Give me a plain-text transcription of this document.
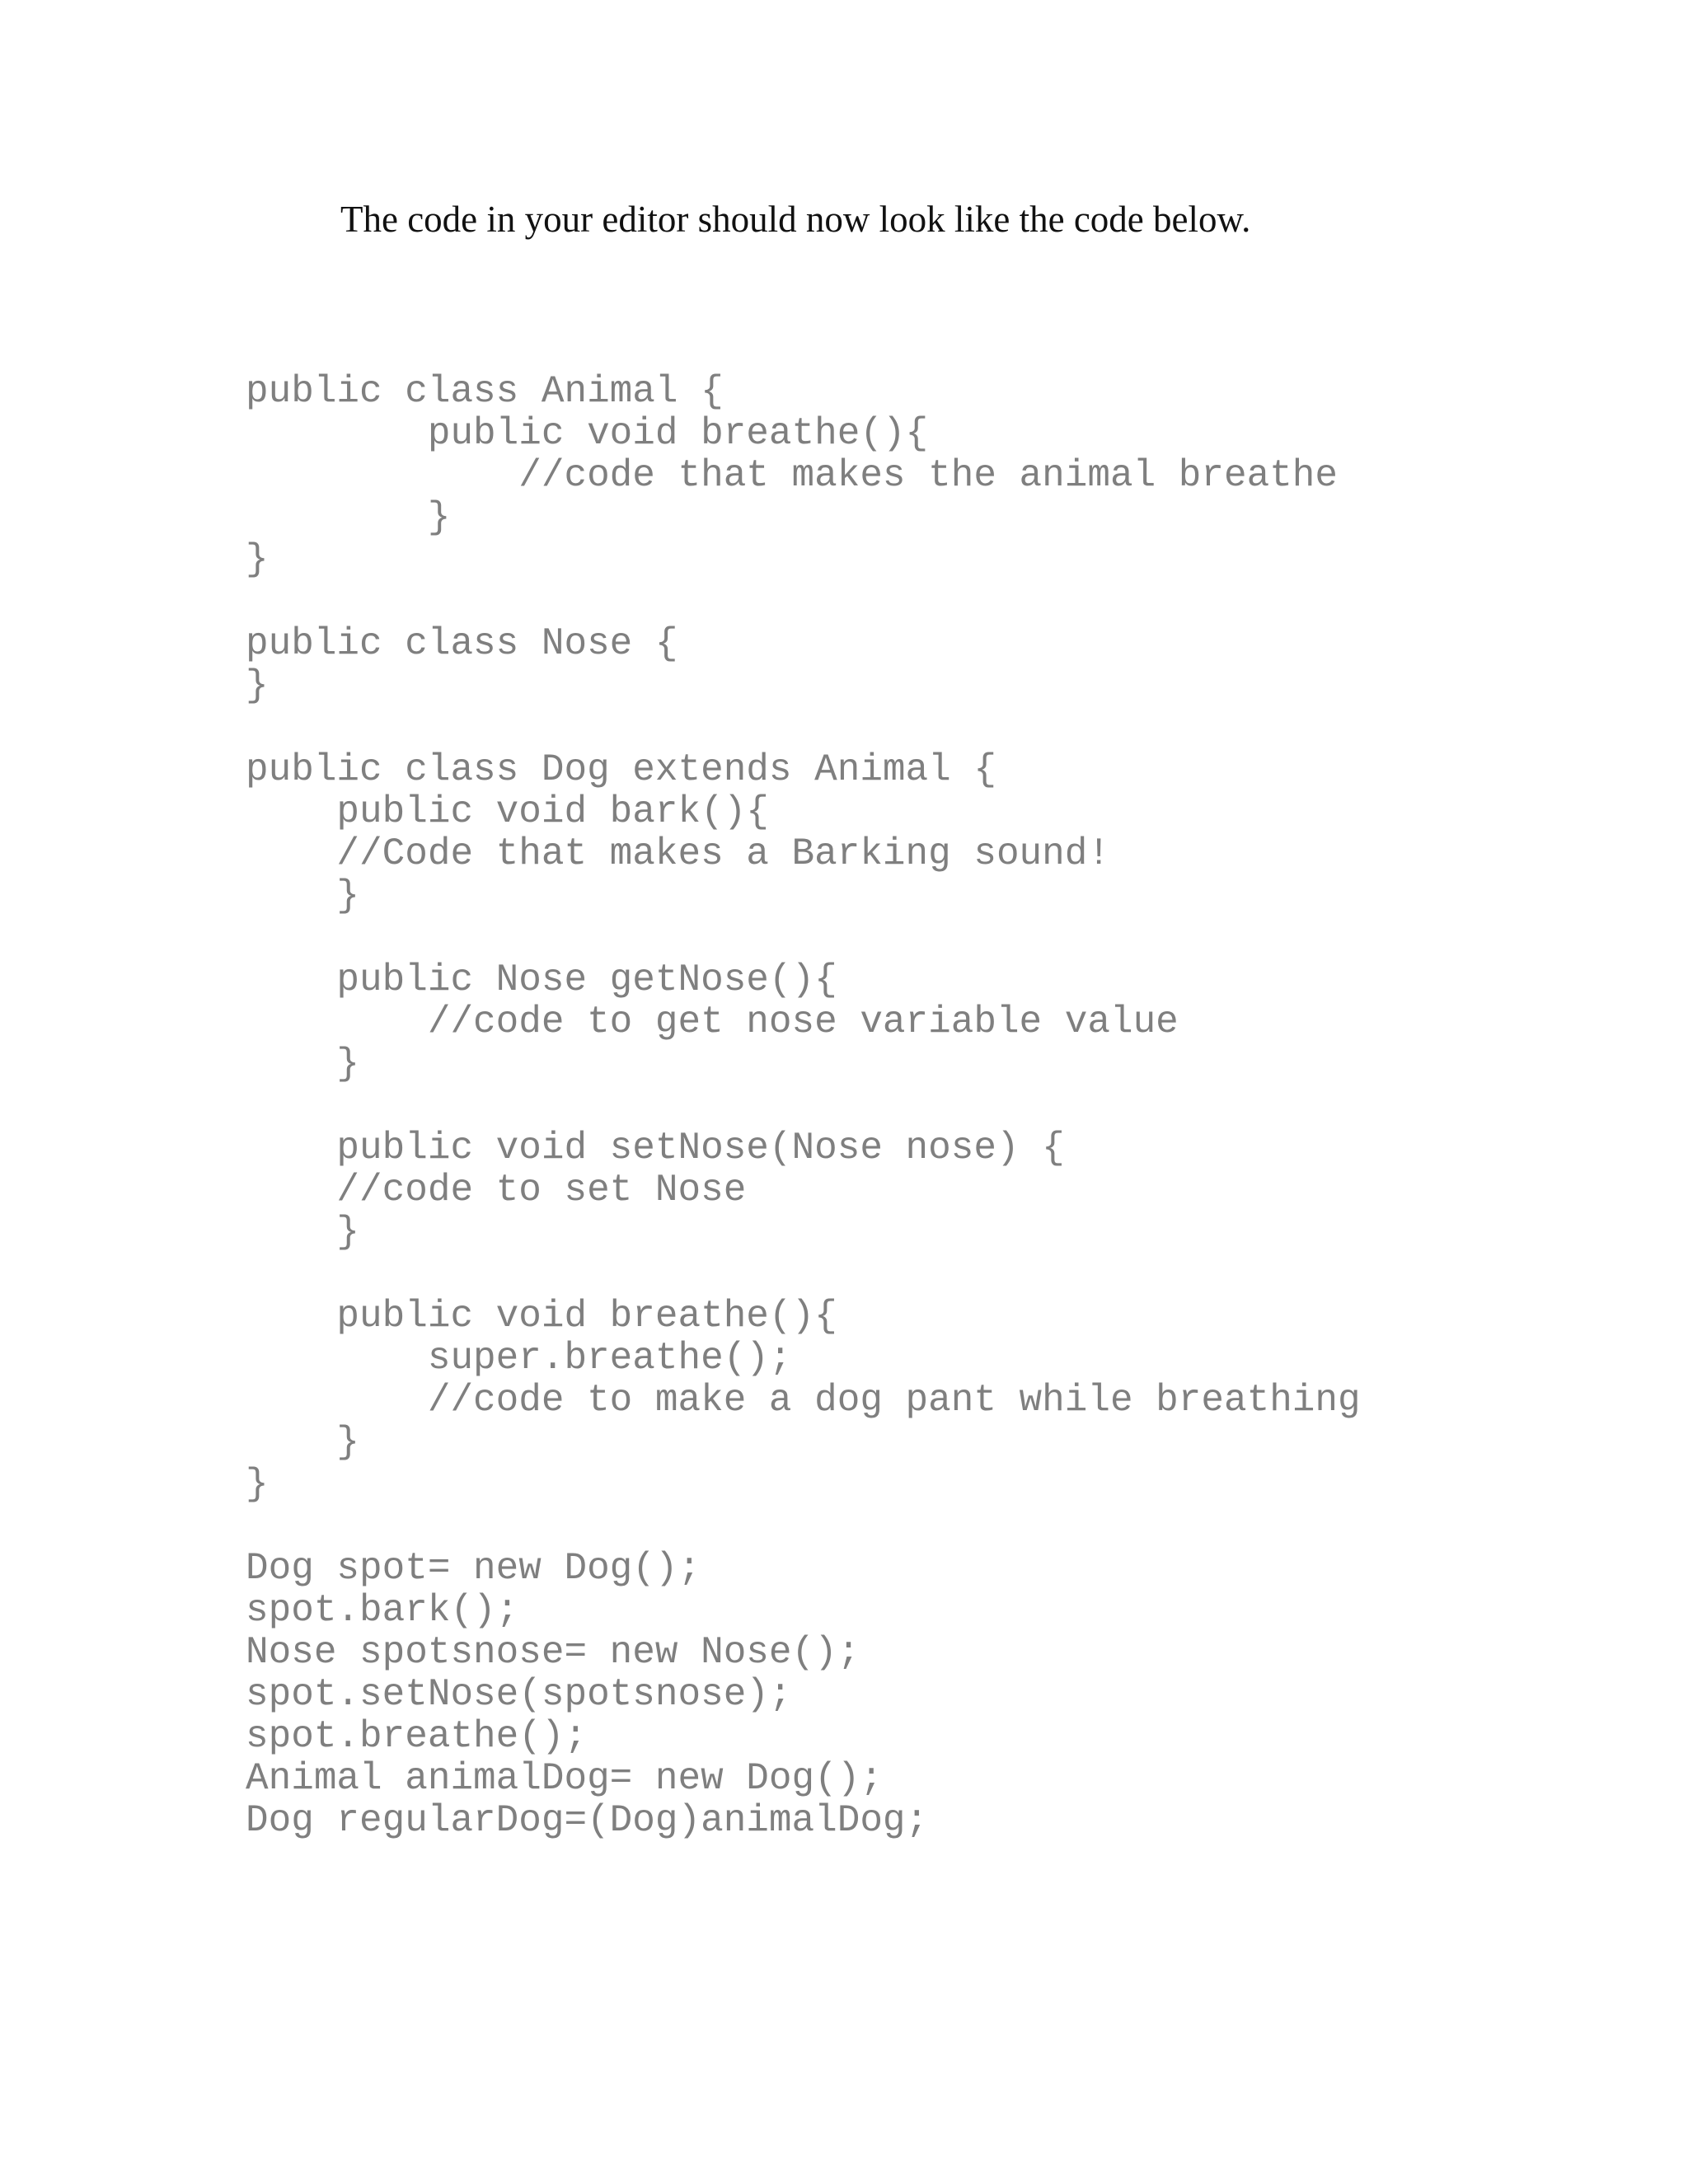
The code in your editor should now look like the code below.

public class Animal {
public void breathe(){
//code that makes the animal breathe
}
}
public class Nose {
}
public class Dog extends Animal {
public void bark(){
//Code that makes a Barking sound!
}
public Nose getNose(){
//code to get nose variable value
}
public void setNose(Nose nose) {
//code to set Nose
}
public void breathe(){
super.breathe();
//code to make a dog pant while breathing
}
}
Dog spot= new Dog();
spot.bark();
Nose spotsnose= new Nose();
spot.setNose(spotsnose);
spot.breathe();
Animal animalDog= new Dog();
Dog regularDog=(Dog)animalDog;
